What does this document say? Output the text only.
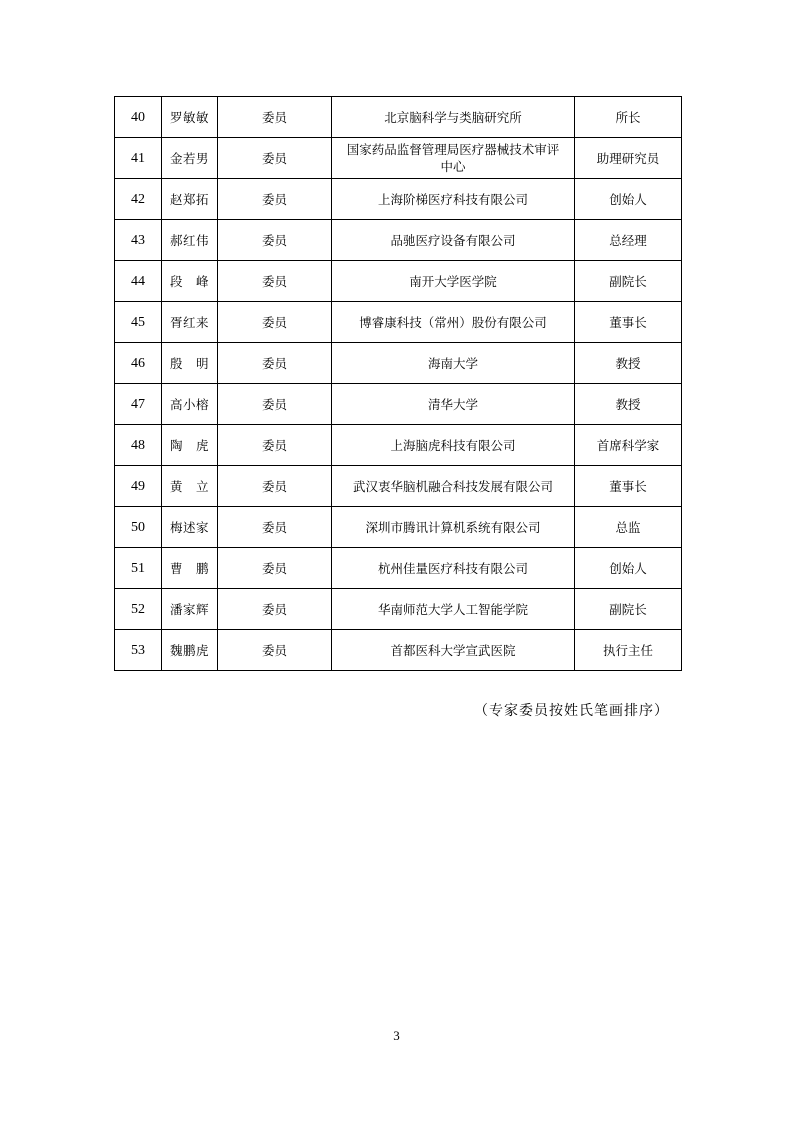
40	罗敏敏	委员	北京脑科学与类脑研究所	所长
41	金若男	委员	国家药品监督管理局医疗器械技术审评中心	助理研究员
42	赵郑拓	委员	上海阶梯医疗科技有限公司	创始人
43	郝红伟	委员	品驰医疗设备有限公司	总经理
44	段　峰	委员	南开大学医学院	副院长
45	胥红来	委员	博睿康科技（常州）股份有限公司	董事长
46	殷　明	委员	海南大学	教授
47	高小榕	委员	清华大学	教授
48	陶　虎	委员	上海脑虎科技有限公司	首席科学家
49	黄　立	委员	武汉衷华脑机融合科技发展有限公司	董事长
50	梅述家	委员	深圳市腾讯计算机系统有限公司	总监
51	曹　鹏	委员	杭州佳量医疗科技有限公司	创始人
52	潘家辉	委员	华南师范大学人工智能学院	副院长
53	魏鹏虎	委员	首都医科大学宣武医院	执行主任

（专家委员按姓氏笔画排序）

3
